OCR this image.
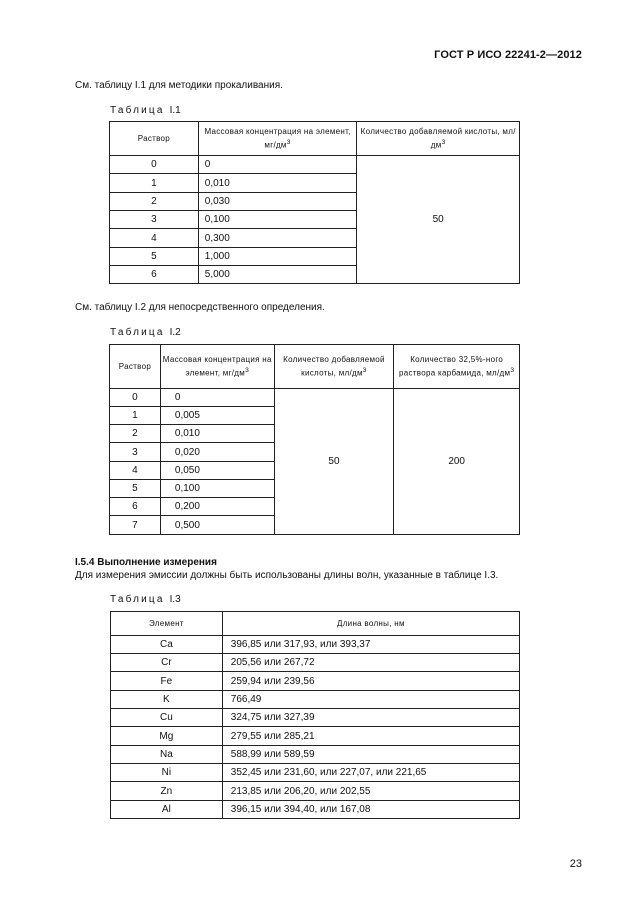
ГОСТ Р ИСО 22241-2—2012
См. таблицу I.1 для методики прокаливания.
Таблица I.1
Раствор	Массовая концентрация на элемент, $мг/дм^3$	Количество добавляемой кислоты, $мл/дм^3$
0	0	50
1	0,010	
2	0,030	
3	0,100	
4	0,300	
5	1,000	
6	5,000	
См. таблицу I.2 для непосредственного определения.
Таблица I.2
Раствор	Массовая концентрация на элемент, $мг/дм^3$	Количество добавляемой кислоты, $мл/дм^3$	Количество 32,5%-ного раствора карбамида, $мл/дм^3$
0	0	50	200
1	0,005		
2	0,010		
3	0,020		
4	0,050		
5	0,100		
6	0,200		
7	0,500		
I.5.4 Выполнение измерения
Для измерения эмиссии должны быть использованы длины волн, указанные в таблице I.3.
Таблица I.3
Элемент	Длина волны, нм
Ca	396,85 или 317,93, или 393,37
Cr	205,56 или 267,72
Fe	259,94 или 239,56
K	766,49
Cu	324,75 или 327,39
Mg	279,55 или 285,21
Na	588,99 или 589,59
Ni	352,45 или 231,60, или 227,07, или 221,65
Zn	213,85 или 206,20, или 202,55
Al	396,15 или 394,40, или 167,08
23
